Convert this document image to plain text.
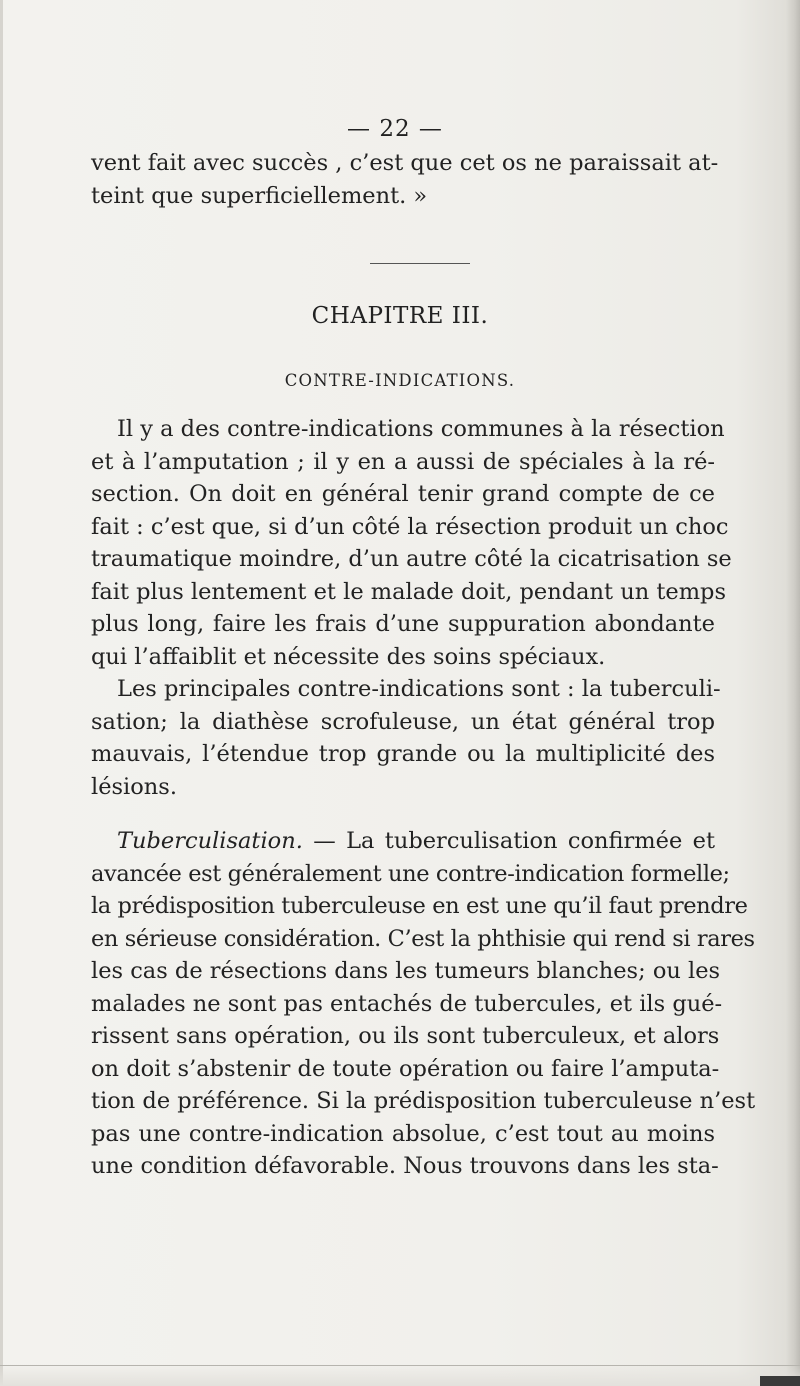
— 22 —
vent fait avec succès , c’est que cet os ne paraissait at-
teint que superficiellement. »
CHAPITRE III.
CONTRE-INDICATIONS.
Il y a des contre-indications communes à la résection
et à l’amputation ; il y en a aussi de spéciales à la ré-
section. On doit en général tenir grand compte de ce
fait : c’est que, si d’un côté la résection produit un choc
traumatique moindre, d’un autre côté la cicatrisation se
fait plus lentement et le malade doit, pendant un temps
plus long, faire les frais d’une suppuration abondante
qui l’affaiblit et nécessite des soins spéciaux.
Les principales contre-indications sont : la tuberculi-
sation; la diathèse scrofuleuse, un état général trop
mauvais, l’étendue trop grande ou la multiplicité des
lésions.
Tuberculisation. — La tuberculisation confirmée et
avancée est généralement une contre-indication formelle;
la prédisposition tuberculeuse en est une qu’il faut prendre
en sérieuse considération. C’est la phthisie qui rend si rares
les cas de résections dans les tumeurs blanches; ou les
malades ne sont pas entachés de tubercules, et ils gué-
rissent sans opération, ou ils sont tuberculeux, et alors
on doit s’abstenir de toute opération ou faire l’amputa-
tion de préférence. Si la prédisposition tuberculeuse n’est
pas une contre-indication absolue, c’est tout au moins
une condition défavorable. Nous trouvons dans les sta-
